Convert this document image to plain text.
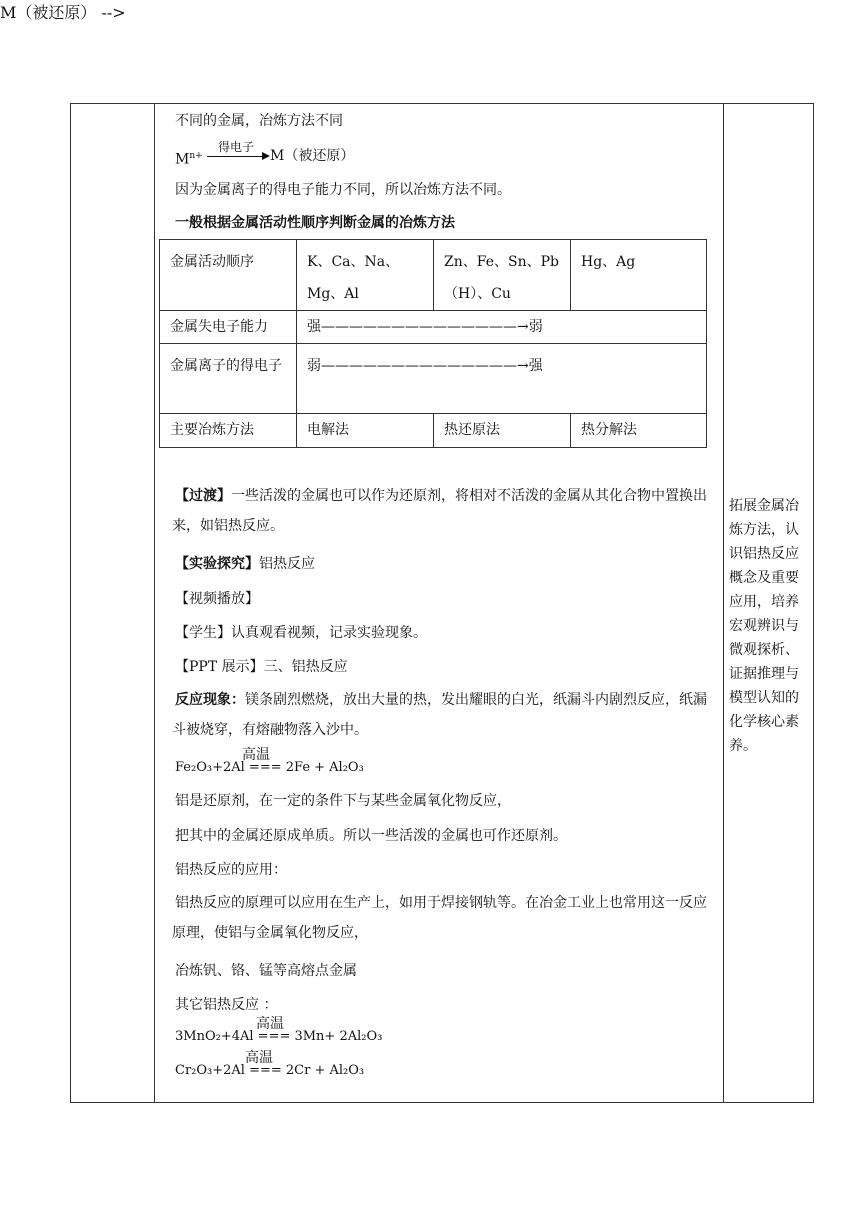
不同的金属，冶炼方法不同
M（被还原） -->
$M^{n+}$
得电子
M（被还原）
因为金属离子的得电子能力不同，所以冶炼方法不同。
一般根据金属活动性顺序判断金属的冶炼方法
金属活动顺序	K、Ca、Na、Mg、Al	Zn、Fe、Sn、Pb（H）、Cu	Hg、Ag
金属失电子能力	强——————————————→弱		
金属离子的得电子	弱——————————————→强		
主要冶炼方法	电解法	热还原法	热分解法
【过渡】一些活泼的金属也可以作为还原剂，将相对不活泼的金属从其化合物中置换出来，如铝热反应。
【实验探究】铝热反应
【视频播放】
【学生】认真观看视频，记录实验现象。
【PPT 展示】三、铝热反应
反应现象：镁条剧烈燃烧，放出大量的热，发出耀眼的白光，纸漏斗内剧烈反应，纸漏斗被烧穿，有熔融物落入沙中。
高温
Fe₂O₃+2Al === 2Fe + Al₂O₃
铝是还原剂，在一定的条件下与某些金属氧化物反应，
把其中的金属还原成单质。所以一些活泼的金属也可作还原剂。
铝热反应的应用：
铝热反应的原理可以应用在生产上，如用于焊接钢轨等。在冶金工业上也常用这一反应原理，使铝与金属氧化物反应，
冶炼钒、铬、锰等高熔点金属
其它铝热反应 ：
高温
3MnO₂+4Al === 3Mn+ 2Al₂O₃
高温
Cr₂O₃+2Al === 2Cr + Al₂O₃
拓展金属冶炼方法，认识铝热反应概念及重要应用，培养宏观辨识与微观探析、证据推理与模型认知的化学核心素养。
